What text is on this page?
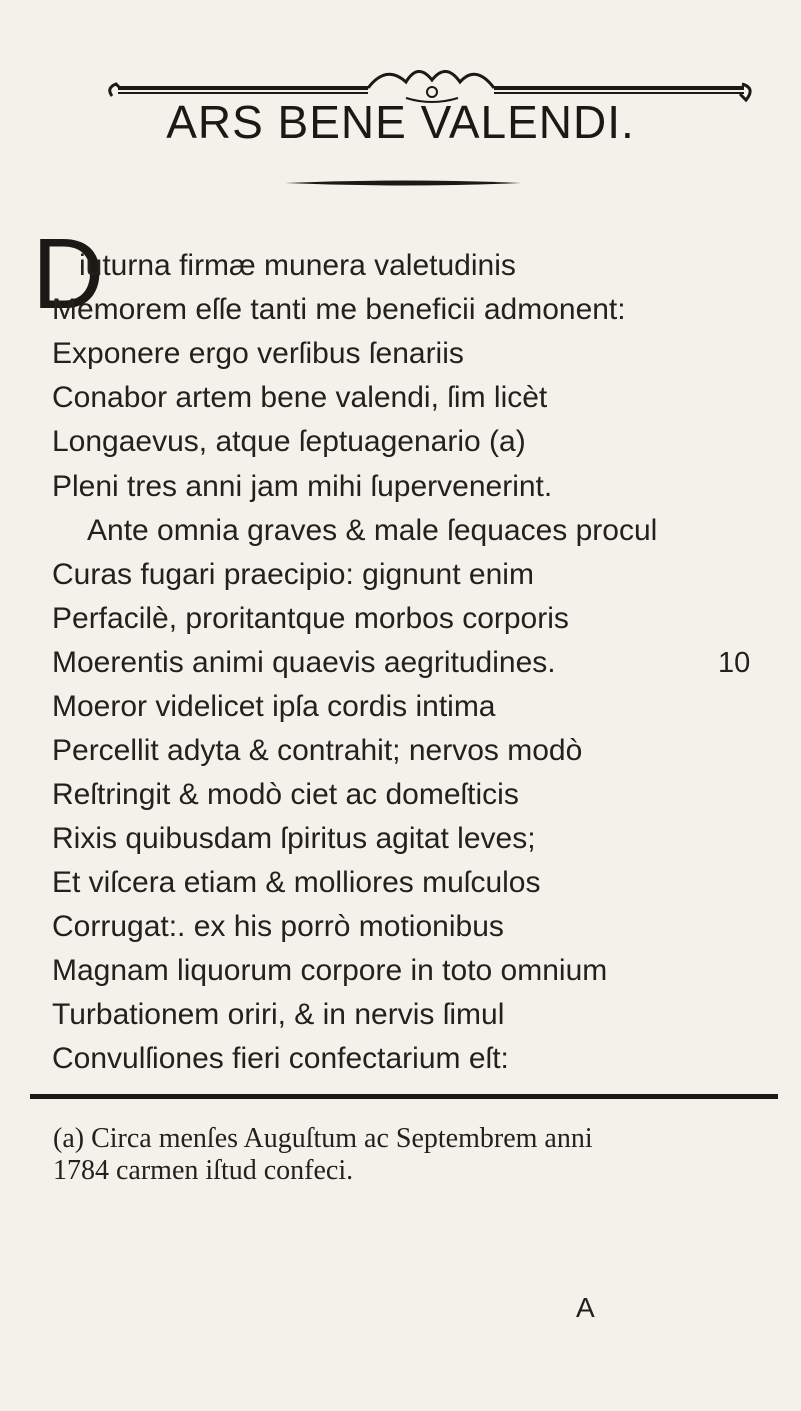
ARS BENE VALENDI.
D
iuturna firmæ munera valetudinis
Memorem eſſe tanti me beneficii admonent:
Exponere ergo verſibus ſenariis
Conabor artem bene valendi, ſim licèt
Longaevus, atque ſeptuagenario (a)
Pleni tres anni jam mihi ſupervenerint.
Ante omnia graves & male ſequaces procul
Curas fugari praecipio: gignunt enim
Perfacilè, proritantque morbos corporis
Moerentis animi quaevis aegritudines.	10
Moeror videlicet ipſa cordis intima
Percellit adyta & contrahit; nervos modò
Reſtringit & modò ciet ac domeſticis
Rixis quibusdam ſpiritus agitat leves;
Et viſcera etiam & molliores muſculos
Corrugat:. ex his porrò motionibus
Magnam liquorum corpore in toto omnium
Turbationem oriri, & in nervis ſimul
Convulſiones fieri confectarium eſt:
(a) Circa menſes Auguſtum ac Septembrem anni
1784 carmen iſtud confeci.
A
